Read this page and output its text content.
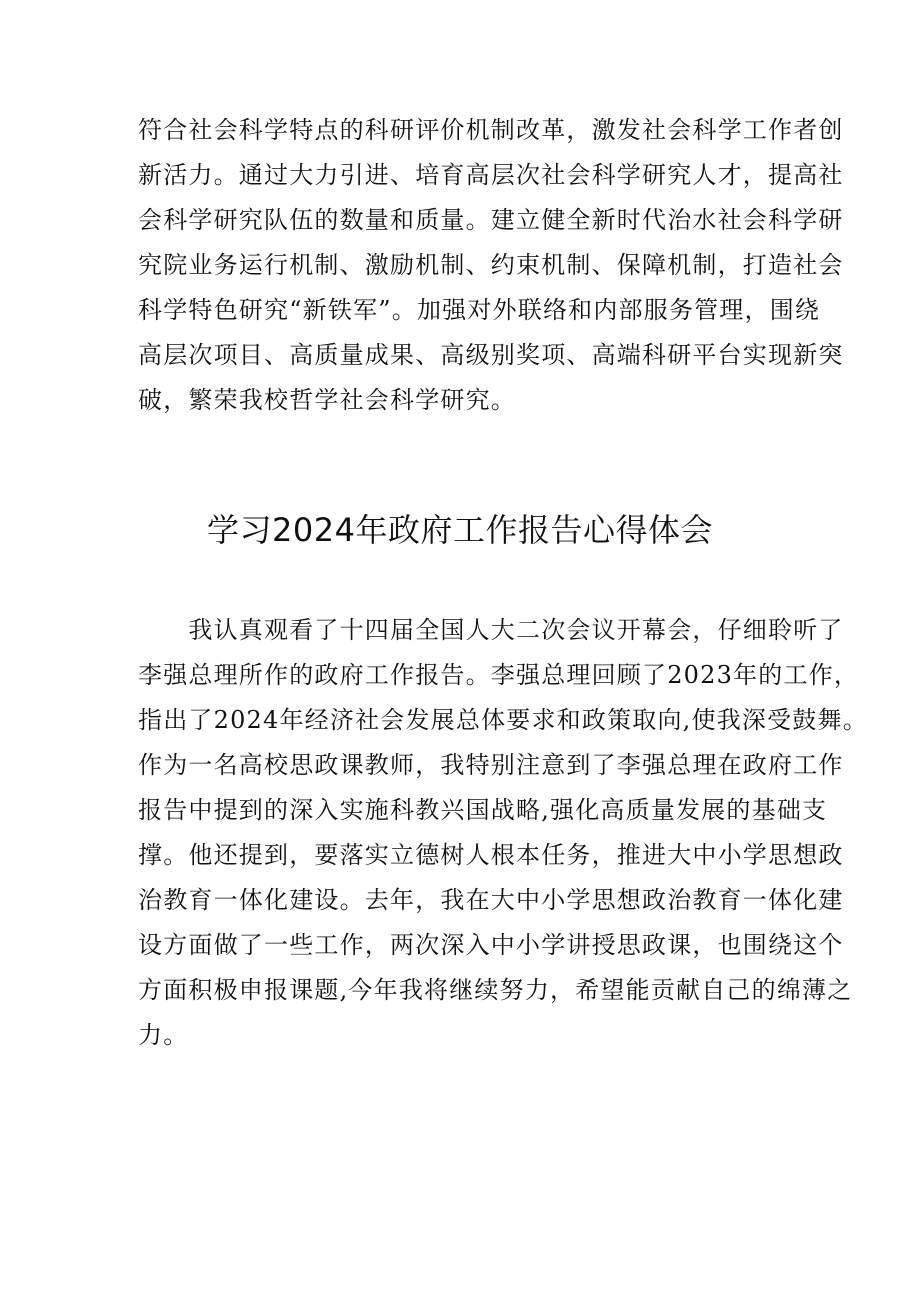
符合社会科学特点的科研评价机制改革，激发社会科学工作者创
新活力。通过大力引进、培育高层次社会科学研究人才，提高社
会科学研究队伍的数量和质量。建立健全新时代治水社会科学研
究院业务运行机制、激励机制、约束机制、保障机制，打造社会
科学特色研究“新铁军”。加强对外联络和内部服务管理，围绕
高层次项目、高质量成果、高级别奖项、高端科研平台实现新突
破，繁荣我校哲学社会科学研究。
学习2024年政府工作报告心得体会
　　我认真观看了十四届全国人大二次会议开幕会，仔细聆听了
李强总理所作的政府工作报告。李强总理回顾了2023年的工作，
指出了2024年经济社会发展总体要求和政策取向,使我深受鼓舞。
作为一名高校思政课教师，我特别注意到了李强总理在政府工作
报告中提到的深入实施科教兴国战略,强化高质量发展的基础支
撑。他还提到，要落实立德树人根本任务，推进大中小学思想政
治教育一体化建设。去年，我在大中小学思想政治教育一体化建
设方面做了一些工作，两次深入中小学讲授思政课，也围绕这个
方面积极申报课题,今年我将继续努力，希望能贡献自己的绵薄之
力。
